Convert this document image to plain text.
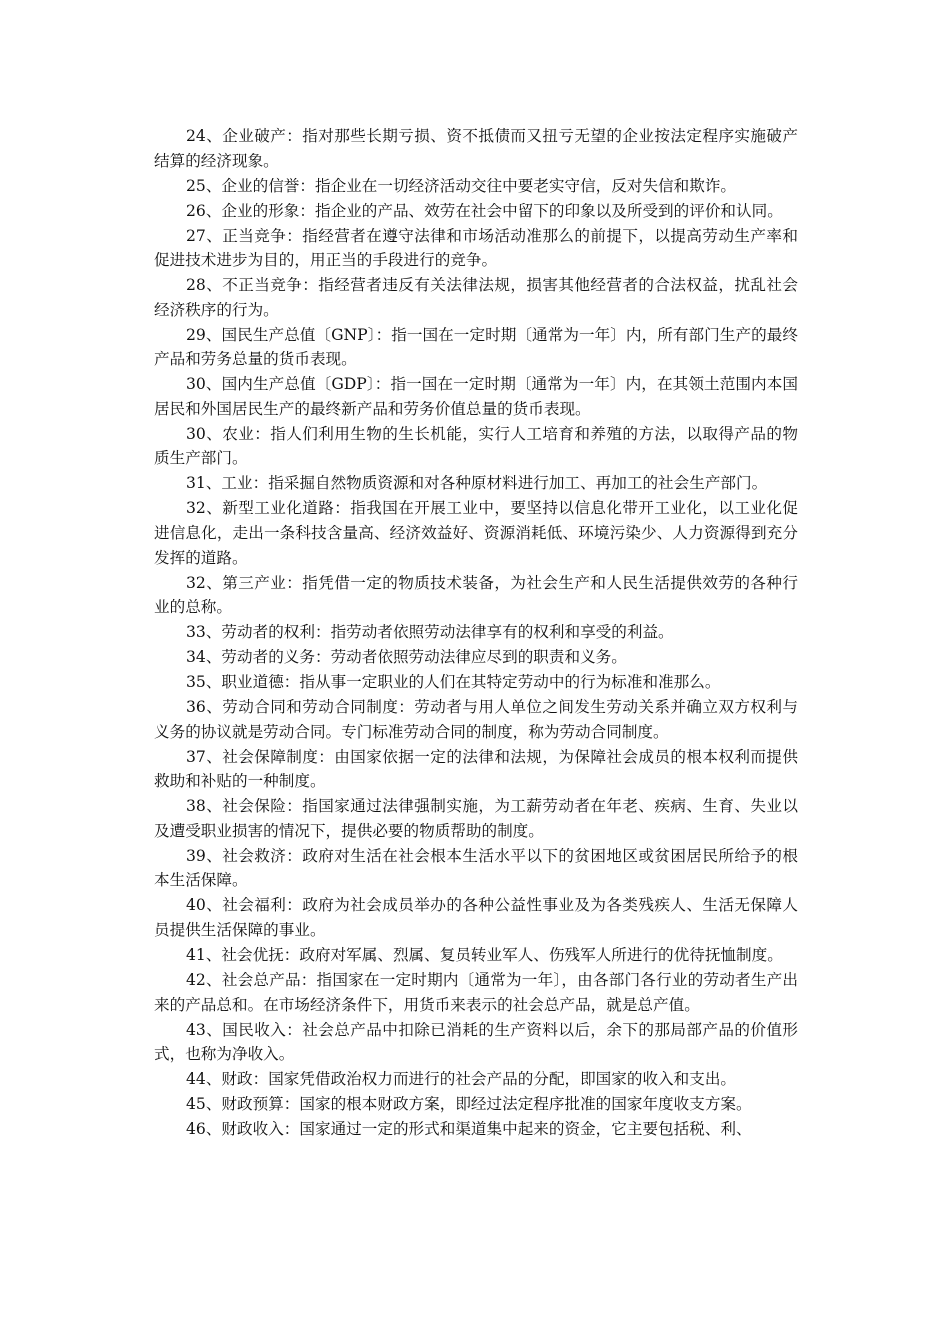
24、企业破产：指对那些长期亏损、资不抵债而又扭亏无望的企业按法定程序实施破产结算的经济现象。

25、企业的信誉：指企业在一切经济活动交往中要老实守信，反对失信和欺诈。

26、企业的形象：指企业的产品、效劳在社会中留下的印象以及所受到的评价和认同。

27、正当竞争：指经营者在遵守法律和市场活动准那么的前提下，以提高劳动生产率和促进技术进步为目的，用正当的手段进行的竞争。

28、不正当竞争：指经营者违反有关法律法规，损害其他经营者的合法权益，扰乱社会经济秩序的行为。

29、国民生产总值〔GNP〕：指一国在一定时期〔通常为一年〕内，所有部门生产的最终产品和劳务总量的货币表现。

30、国内生产总值〔GDP〕：指一国在一定时期〔通常为一年〕内，在其领土范围内本国居民和外国居民生产的最终新产品和劳务价值总量的货币表现。

30、农业：指人们利用生物的生长机能，实行人工培育和养殖的方法，以取得产品的物质生产部门。

31、工业：指采掘自然物质资源和对各种原材料进行加工、再加工的社会生产部门。

32、新型工业化道路：指我国在开展工业中，要坚持以信息化带开工业化，以工业化促进信息化，走出一条科技含量高、经济效益好、资源消耗低、环境污染少、人力资源得到充分发挥的道路。

32、第三产业：指凭借一定的物质技术装备，为社会生产和人民生活提供效劳的各种行业的总称。

33、劳动者的权利：指劳动者依照劳动法律享有的权利和享受的利益。

34、劳动者的义务：劳动者依照劳动法律应尽到的职责和义务。

35、职业道德：指从事一定职业的人们在其特定劳动中的行为标准和准那么。

36、劳动合同和劳动合同制度：劳动者与用人单位之间发生劳动关系并确立双方权利与义务的协议就是劳动合同。专门标准劳动合同的制度，称为劳动合同制度。

37、社会保障制度：由国家依据一定的法律和法规，为保障社会成员的根本权利而提供救助和补贴的一种制度。

38、社会保险：指国家通过法律强制实施，为工薪劳动者在年老、疾病、生育、失业以及遭受职业损害的情况下，提供必要的物质帮助的制度。

39、社会救济：政府对生活在社会根本生活水平以下的贫困地区或贫困居民所给予的根本生活保障。

40、社会福利：政府为社会成员举办的各种公益性事业及为各类残疾人、生活无保障人员提供生活保障的事业。

41、社会优抚：政府对军属、烈属、复员转业军人、伤残军人所进行的优待抚恤制度。

42、社会总产品：指国家在一定时期内〔通常为一年〕，由各部门各行业的劳动者生产出来的产品总和。在市场经济条件下，用货币来表示的社会总产品，就是总产值。

43、国民收入：社会总产品中扣除已消耗的生产资料以后，余下的那局部产品的价值形式，也称为净收入。

44、财政：国家凭借政治权力而进行的社会产品的分配，即国家的收入和支出。

45、财政预算：国家的根本财政方案，即经过法定程序批准的国家年度收支方案。

46、财政收入：国家通过一定的形式和渠道集中起来的资金，它主要包括税、利、
